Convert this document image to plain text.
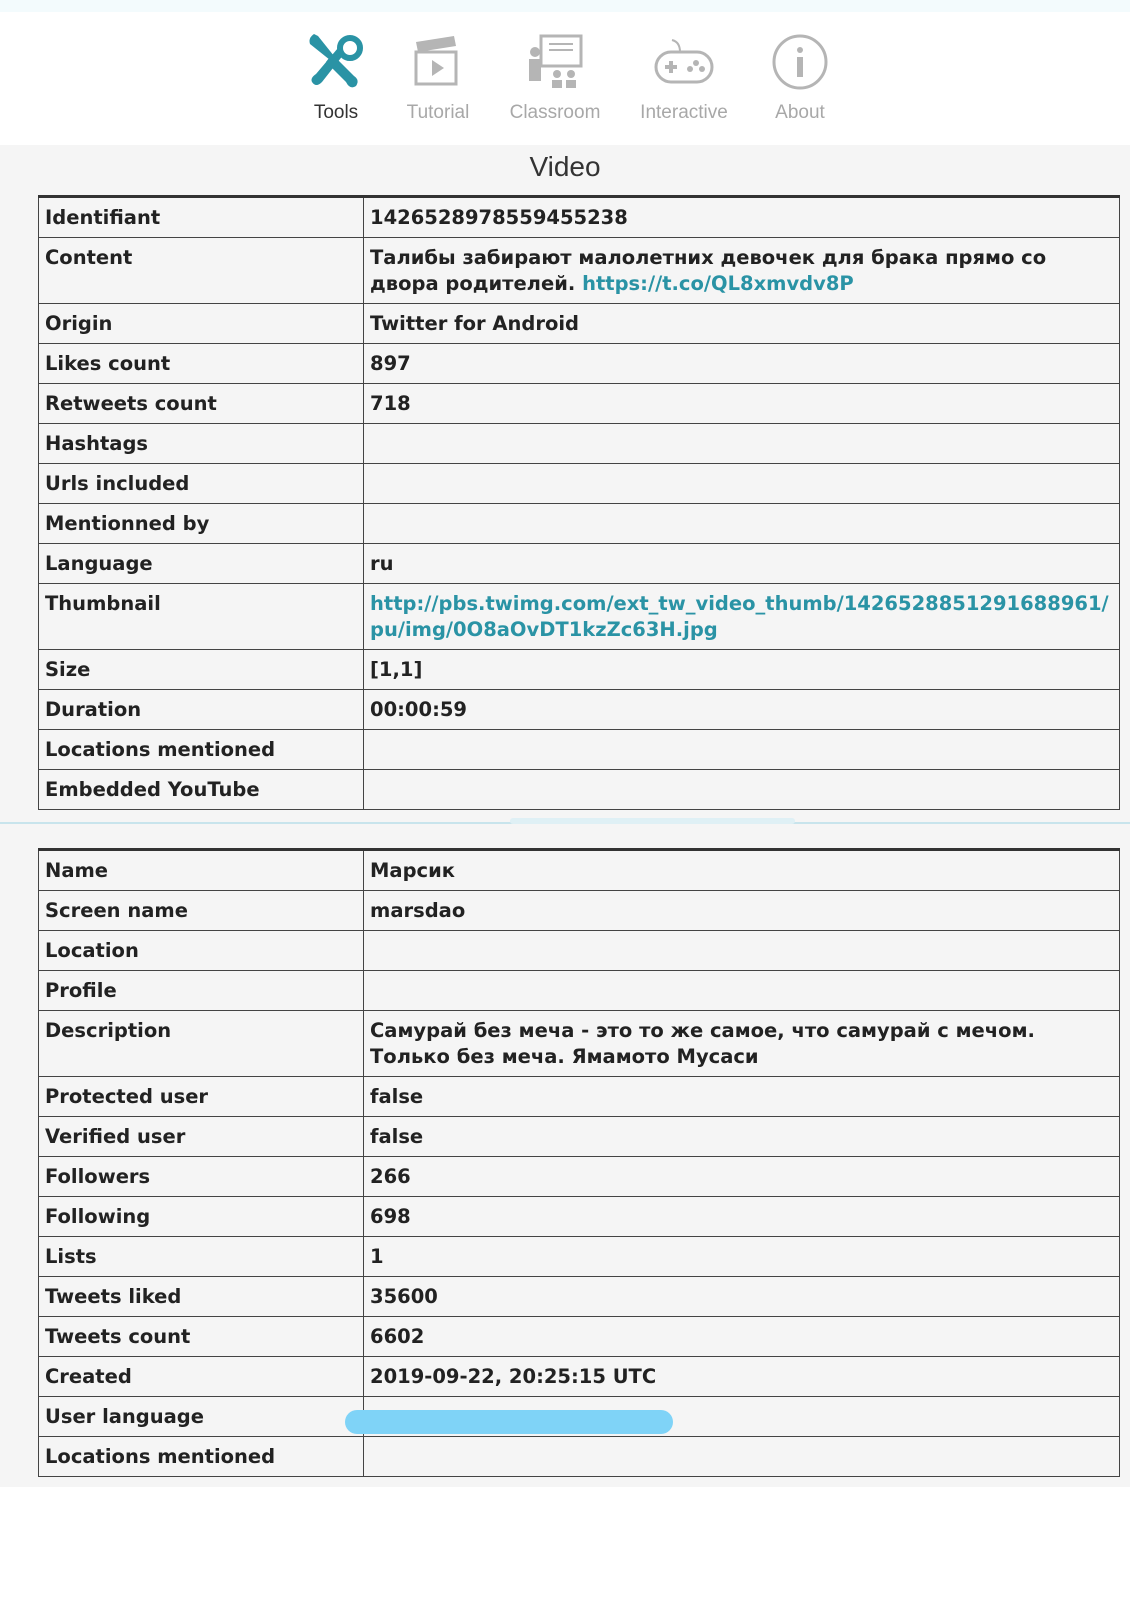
Tools	Tutorial	Classroom Interactive About
Video
Identifiant	1426528978559455238
Content	Талибы забирают малолетних девочек для брака прямо со двора родителей. https://t.co/QL8xmvdv8P
Origin	Twitter for Android
Likes count	897
Retweets count	718
Hashtags	
Urls included	
Mentionned by	
Language	ru
Thumbnail	http://pbs.twimg.com/ext_tw_video_thumb/1426528851291688961/pu/img/0O8aOvDT1kzZc63H.jpg
Size	[1,1]
Duration	00:00:59
Locations mentioned	
Embedded YouTube	
Name	Марсик
Screen name	marsdao
Location	
Profile	
Description	Самурай без меча - это то же самое, что самурай с мечом. Только без меча. Ямамото Мусаси
Protected user	false
Verified user	false
Followers	266
Following	698
Lists	1
Tweets liked	35600
Tweets count	6602
Created	2019-09-22, 20:25:15 UTC
User language	
Locations mentioned	
